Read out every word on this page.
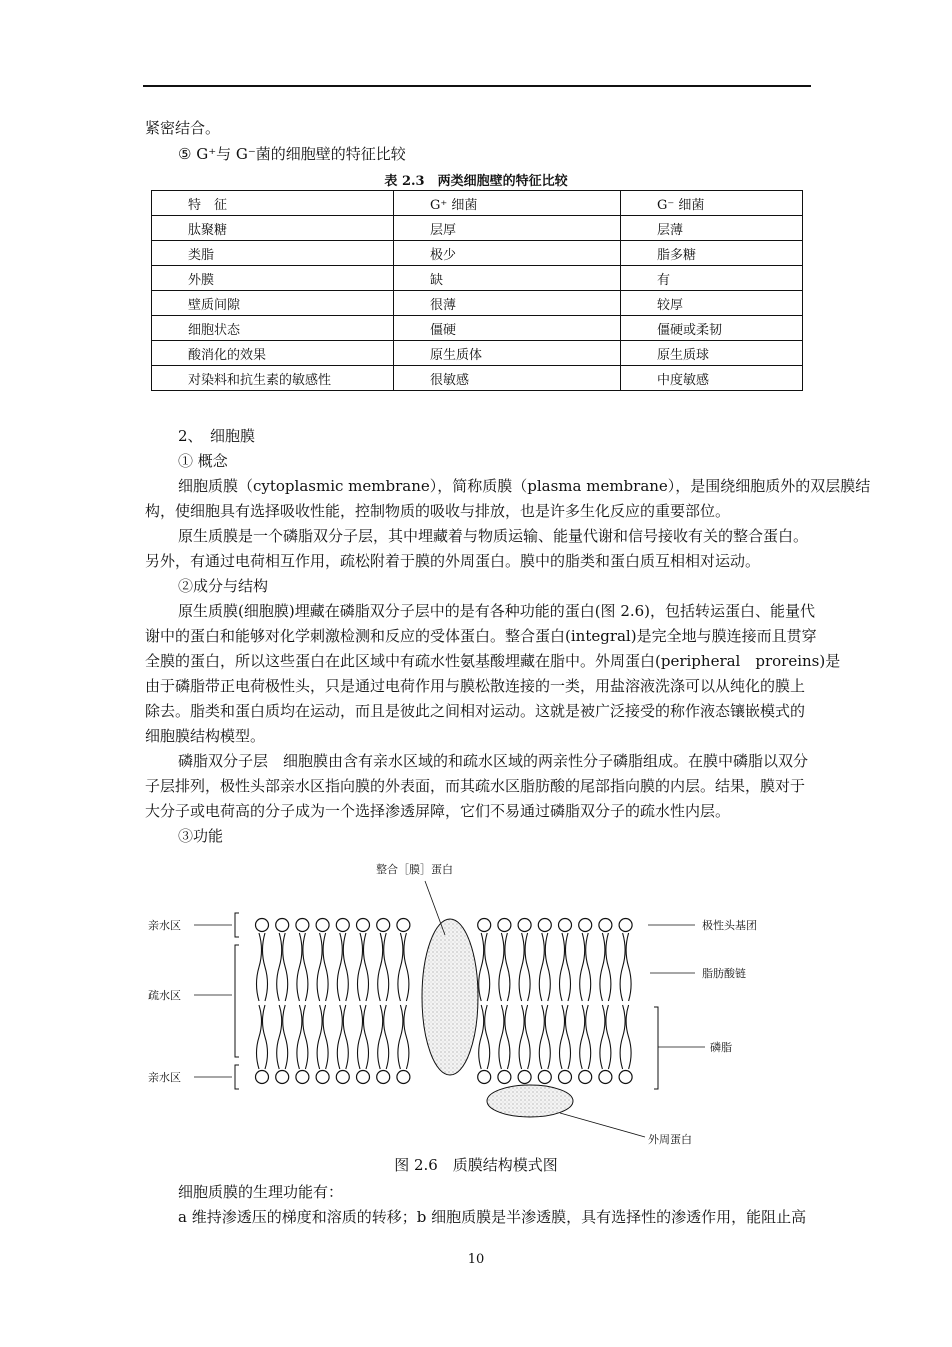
紧密结合。
⑤ G⁺与 G⁻菌的细胞壁的特征比较
表 2.3　两类细胞壁的特征比较
特　征	G⁺ 细菌	G⁻ 细菌
肽聚糖	层厚	层薄
类脂	极少	脂多糖
外膜	缺	有
壁质间隙	很薄	较厚
细胞状态	僵硬	僵硬或柔韧
酸消化的效果	原生质体	原生质球
对染料和抗生素的敏感性	很敏感	中度敏感
2、　细胞膜
① 概念
细胞质膜（cytoplasmic membrane），简称质膜（plasma membrane），是围绕细胞质外的双层膜结
构，使细胞具有选择吸收性能，控制物质的吸收与排放，也是许多生化反应的重要部位。
原生质膜是一个磷脂双分子层，其中埋藏着与物质运输、能量代谢和信号接收有关的整合蛋白。
另外，有通过电荷相互作用，疏松附着于膜的外周蛋白。膜中的脂类和蛋白质互相相对运动。
②成分与结构
原生质膜(细胞膜)埋藏在磷脂双分子层中的是有各种功能的蛋白(图 2.6)，包括转运蛋白、能量代
谢中的蛋白和能够对化学刺激检测和反应的受体蛋白。整合蛋白(integral)是完全地与膜连接而且贯穿
全膜的蛋白，所以这些蛋白在此区域中有疏水性氨基酸埋藏在脂中。外周蛋白(peripheral　proreins)是
由于磷脂带正电荷极性头，只是通过电荷作用与膜松散连接的一类，用盐溶液洗涤可以从纯化的膜上
除去。脂类和蛋白质均在运动，而且是彼此之间相对运动。这就是被广泛接受的称作液态镶嵌模式的
细胞膜结构模型。
磷脂双分子层　细胞膜由含有亲水区域的和疏水区域的两亲性分子磷脂组成。在膜中磷脂以双分
子层排列，极性头部亲水区指向膜的外表面，而其疏水区脂肪酸的尾部指向膜的内层。结果，膜对于
大分子或电荷高的分子成为一个选择渗透屏障，它们不易通过磷脂双分子的疏水性内层。
③功能
整合［膜］蛋白
亲水区
疏水区
亲水区
极性头基团
脂肪酸链
磷脂
外周蛋白
图 2.6　质膜结构模式图
细胞质膜的生理功能有：
a 维持渗透压的梯度和溶质的转移；b 细胞质膜是半渗透膜，具有选择性的渗透作用，能阻止高
10
